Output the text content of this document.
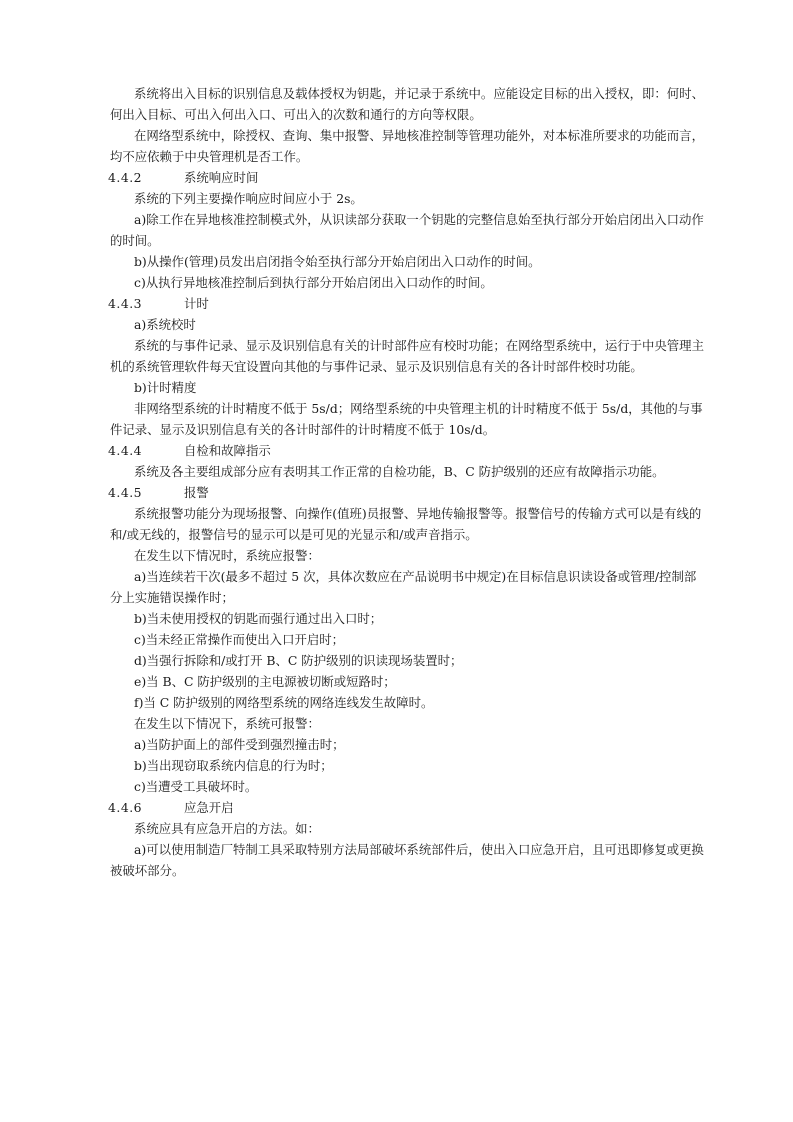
系统将出入目标的识别信息及载体授权为钥匙，并记录于系统中。应能设定目标的出入授权，即：何时、
何出入目标、可出入何出入口、可出入的次数和通行的方向等权限。
在网络型系统中，除授权、查询、集中报警、异地核准控制等管理功能外，对本标准所要求的功能而言，
均不应依赖于中央管理机是否工作。
4.4.2	系统响应时间
系统的下列主要操作响应时间应小于 2s。
a)除工作在异地核准控制模式外，从识读部分获取一个钥匙的完整信息始至执行部分开始启闭出入口动作
的时间。
b)从操作(管理)员发出启闭指令始至执行部分开始启闭出入口动作的时间。
c)从执行异地核准控制后到执行部分开始启闭出入口动作的时间。
4.4.3	计时
a)系统校时
系统的与事件记录、显示及识别信息有关的计时部件应有校时功能；在网络型系统中，运行于中央管理主
机的系统管理软件每天宜设置向其他的与事件记录、显示及识别信息有关的各计时部件校时功能。
b)计时精度
非网络型系统的计时精度不低于 5s/d；网络型系统的中央管理主机的计时精度不低于 5s/d，其他的与事
件记录、显示及识别信息有关的各计时部件的计时精度不低于 10s/d。
4.4.4	自检和故障指示
系统及各主要组成部分应有表明其工作正常的自检功能，B、C 防护级别的还应有故障指示功能。
4.4.5	报警
系统报警功能分为现场报警、向操作(值班)员报警、异地传输报警等。报警信号的传输方式可以是有线的
和/或无线的，报警信号的显示可以是可见的光显示和/或声音指示。
在发生以下情况时，系统应报警：
a)当连续若干次(最多不超过 5 次，具体次数应在产品说明书中规定)在目标信息识读设备或管理/控制部
分上实施错误操作时；
b)当未使用授权的钥匙而强行通过出入口时；
c)当未经正常操作而使出入口开启时；
d)当强行拆除和/或打开 B、C 防护级别的识读现场装置时；
e)当 B、C 防护级别的主电源被切断或短路时；
f)当 C 防护级别的网络型系统的网络连线发生故障时。
在发生以下情况下，系统可报警：
a)当防护面上的部件受到强烈撞击时；
b)当出现窃取系统内信息的行为时；
c)当遭受工具破坏时。
4.4.6	应急开启
系统应具有应急开启的方法。如：
a)可以使用制造厂特制工具采取特别方法局部破坏系统部件后，使出入口应急开启，且可迅即修复或更换
被破坏部分。
